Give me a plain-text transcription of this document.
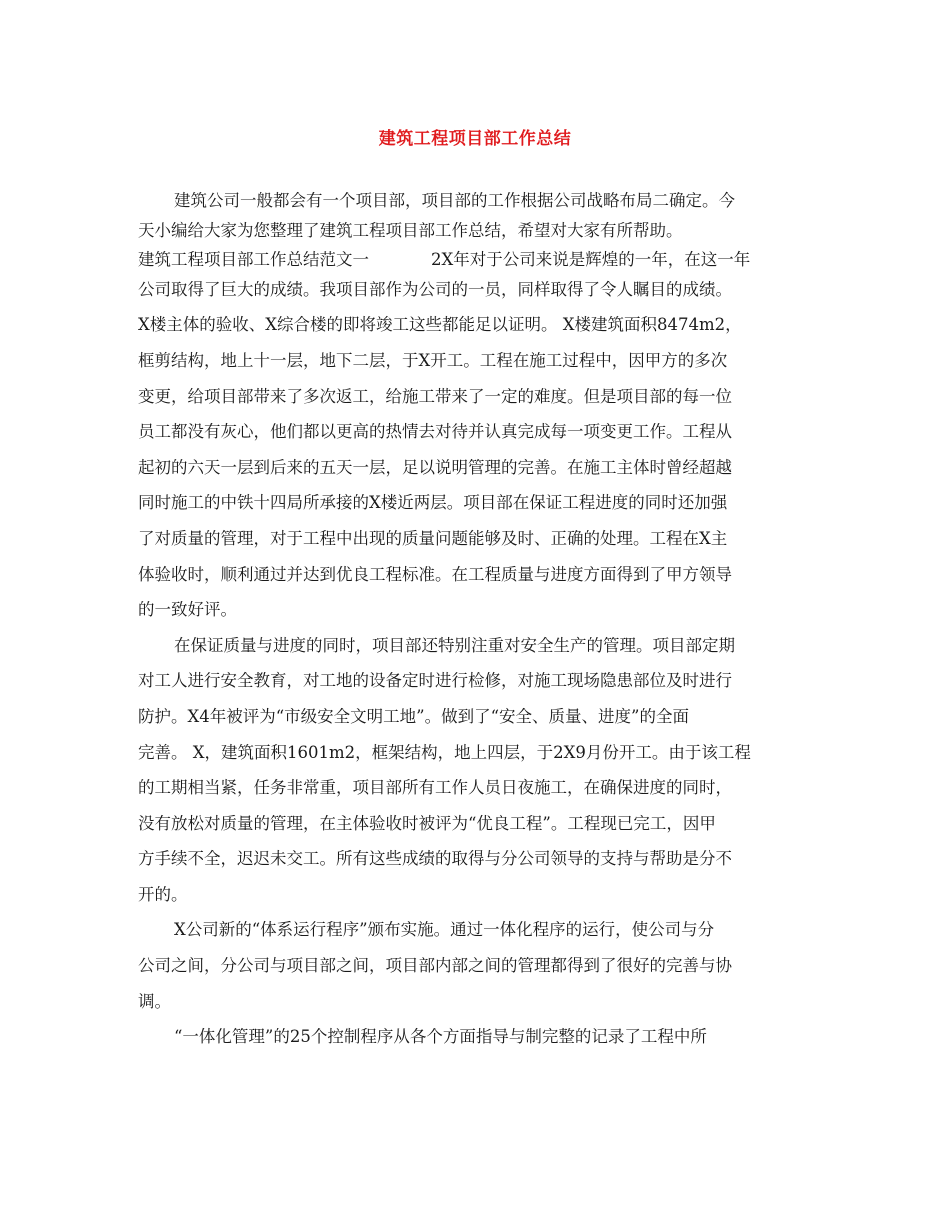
建筑工程项目部工作总结

建筑公司一般都会有一个项目部，项目部的工作根据公司战略布局二确定。今

天小编给大家为您整理了建筑工程项目部工作总结，希望对大家有所帮助。

建筑工程项目部工作总结范文一	2X年对于公司来说是辉煌的一年，在这一年

公司取得了巨大的成绩。我项目部作为公司的一员，同样取得了令人瞩目的成绩。

X楼主体的验收、X综合楼的即将竣工这些都能足以证明。 X楼建筑面积8474m2，

框剪结构，地上十一层，地下二层，于X开工。工程在施工过程中，因甲方的多次

变更，给项目部带来了多次返工，给施工带来了一定的难度。但是项目部的每一位

员工都没有灰心，他们都以更高的热情去对待并认真完成每一项变更工作。工程从

起初的六天一层到后来的五天一层，足以说明管理的完善。在施工主体时曾经超越

同时施工的中铁十四局所承接的X楼近两层。项目部在保证工程进度的同时还加强

了对质量的管理，对于工程中出现的质量问题能够及时、正确的处理。工程在X主

体验收时，顺利通过并达到优良工程标准。在工程质量与进度方面得到了甲方领导

的一致好评。

在保证质量与进度的同时，项目部还特别注重对安全生产的管理。项目部定期

对工人进行安全教育，对工地的设备定时进行检修，对施工现场隐患部位及时进行

防护。X4年被评为“市级安全文明工地”。做到了“安全、质量、进度”的全面

完善。 X，建筑面积1601m2，框架结构，地上四层，于2X9月份开工。由于该工程

的工期相当紧，任务非常重，项目部所有工作人员日夜施工，在确保进度的同时，

没有放松对质量的管理，在主体验收时被评为“优良工程”。工程现已完工，因甲

方手续不全，迟迟未交工。所有这些成绩的取得与分公司领导的支持与帮助是分不

开的。

X公司新的“体系运行程序”颁布实施。通过一体化程序的运行，使公司与分

公司之间，分公司与项目部之间，项目部内部之间的管理都得到了很好的完善与协

调。

“一体化管理”的25个控制程序从各个方面指导与制完整的记录了工程中所
